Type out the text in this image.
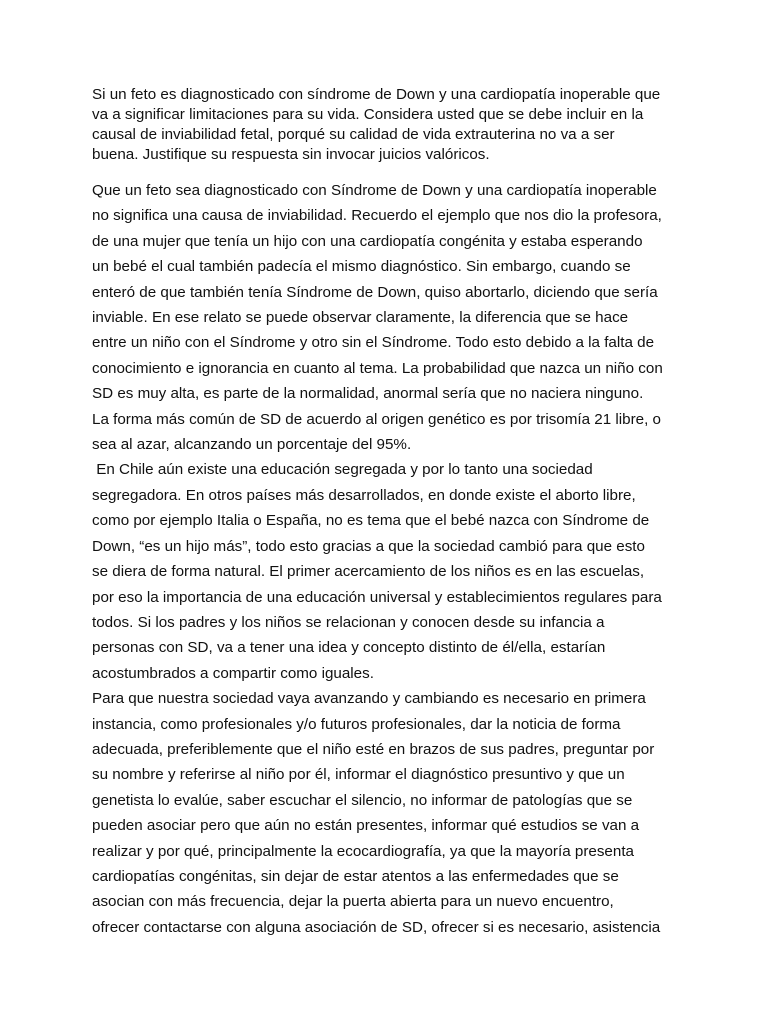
Si un feto es diagnosticado con síndrome de Down y una cardiopatía inoperable que
va a significar limitaciones para su vida. Considera usted que se debe incluir en la
causal de inviabilidad fetal, porqué su calidad de vida extrauterina no va a ser
buena. Justifique su respuesta sin invocar juicios valóricos.
Que un feto sea diagnosticado con Síndrome de Down y una cardiopatía inoperable
no significa una causa de inviabilidad. Recuerdo el ejemplo que nos dio la profesora,
de una mujer que tenía un hijo con una cardiopatía congénita y estaba esperando
un bebé el cual también padecía el mismo diagnóstico. Sin embargo, cuando se
enteró de que también tenía Síndrome de Down, quiso abortarlo, diciendo que sería
inviable. En ese relato se puede observar claramente, la diferencia que se hace
entre un niño con el Síndrome y otro sin el Síndrome. Todo esto debido a la falta de
conocimiento e ignorancia en cuanto al tema. La probabilidad que nazca un niño con
SD es muy alta, es parte de la normalidad, anormal sería que no naciera ninguno.
La forma más común de SD de acuerdo al origen genético es por trisomía 21 libre, o
sea al azar, alcanzando un porcentaje del 95%.
En Chile aún existe una educación segregada y por lo tanto una sociedad
segregadora. En otros países más desarrollados, en donde existe el aborto libre,
como por ejemplo Italia o España, no es tema que el bebé nazca con Síndrome de
Down, “es un hijo más”, todo esto gracias a que la sociedad cambió para que esto
se diera de forma natural. El primer acercamiento de los niños es en las escuelas,
por eso la importancia de una educación universal y establecimientos regulares para
todos. Si los padres y los niños se relacionan y conocen desde su infancia a
personas con SD, va a tener una idea y concepto distinto de él/ella, estarían
acostumbrados a compartir como iguales.
Para que nuestra sociedad vaya avanzando y cambiando es necesario en primera
instancia, como profesionales y/o futuros profesionales, dar la noticia de forma
adecuada, preferiblemente que el niño esté en brazos de sus padres, preguntar por
su nombre y referirse al niño por él, informar el diagnóstico presuntivo y que un
genetista lo evalúe, saber escuchar el silencio, no informar de patologías que se
pueden asociar pero que aún no están presentes, informar qué estudios se van a
realizar y por qué, principalmente la ecocardiografía, ya que la mayoría presenta
cardiopatías congénitas, sin dejar de estar atentos a las enfermedades que se
asocian con más frecuencia, dejar la puerta abierta para un nuevo encuentro,
ofrecer contactarse con alguna asociación de SD, ofrecer si es necesario, asistencia
